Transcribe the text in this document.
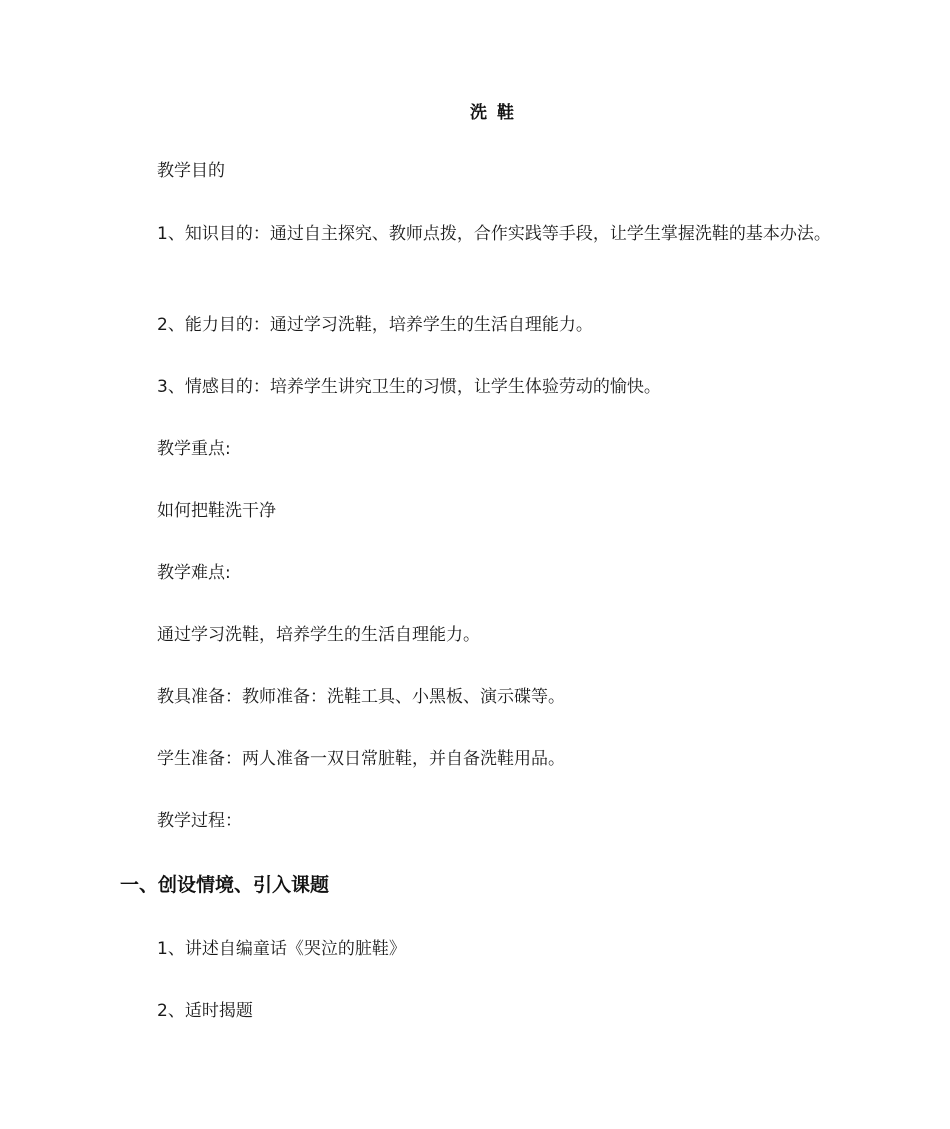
洗 鞋
教学目的
1、知识目的：通过自主探究、教师点拨，合作实践等手段，让学生掌握洗鞋的基本办法。
2、能力目的：通过学习洗鞋，培养学生的生活自理能力。
3、情感目的：培养学生讲究卫生的习惯，让学生体验劳动的愉快。
教学重点:
如何把鞋洗干净
教学难点:
通过学习洗鞋，培养学生的生活自理能力。
教具准备：教师准备：洗鞋工具、小黑板、演示碟等。
学生准备：两人准备一双日常脏鞋，并自备洗鞋用品。
教学过程：
一、创设情境、引入课题
1、讲述自编童话《哭泣的脏鞋》
2、适时揭题
